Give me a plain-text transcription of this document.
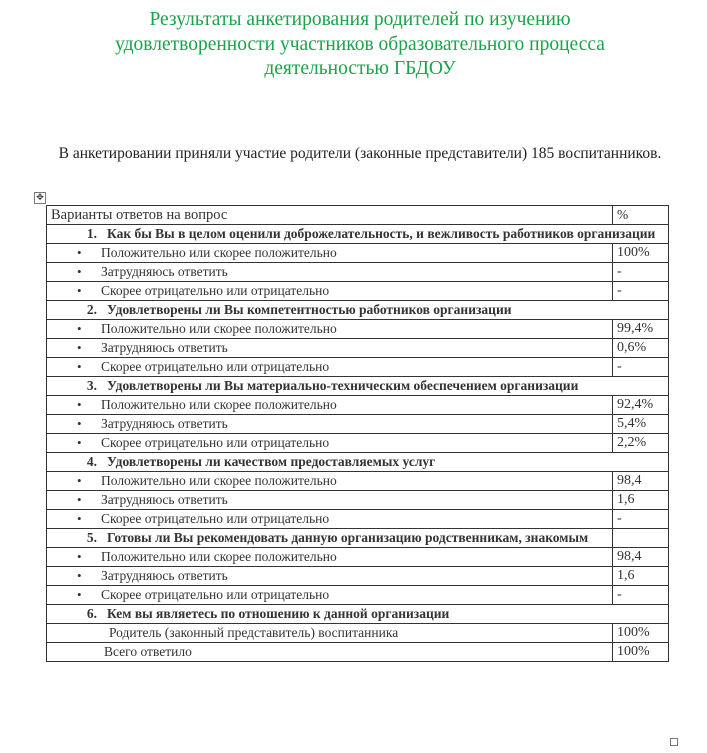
Результаты анкетирования родителей по изучению
удовлетворенности участников образовательного процесса
деятельностью ГБДОУ
В анкетировании приняли участие родители (законные представители) 185 воспитанников.
✥
Варианты ответов на вопрос	%

1. Как бы Вы в целом оценили доброжелательность, и вежливость работников организации	

• Положительно или скорее положительно	100%

• Затрудняюсь ответить	-

• Скорее отрицательно или отрицательно	-

2. Удовлетворены ли Вы компетентностью работников организации	

• Положительно или скорее положительно	99,4%

• Затрудняюсь ответить	0,6%

• Скорее отрицательно или отрицательно	-

3. Удовлетворены ли Вы материально-техническим обеспечением организации	

• Положительно или скорее положительно	92,4%

• Затрудняюсь ответить	5,4%

• Скорее отрицательно или отрицательно	2,2%

4. Удовлетворены ли качеством предоставляемых услуг	

• Положительно или скорее положительно	98,4

• Затрудняюсь ответить	1,6

• Скорее отрицательно или отрицательно	-

5. Готовы ли Вы рекомендовать данную организацию родственникам, знакомым	

• Положительно или скорее положительно	98,4

• Затрудняюсь ответить	1,6

• Скорее отрицательно или отрицательно	-

6. Кем вы являетесь по отношению к данной организации	

Родитель (законный представитель) воспитанника	100%
Всего ответило	100%
